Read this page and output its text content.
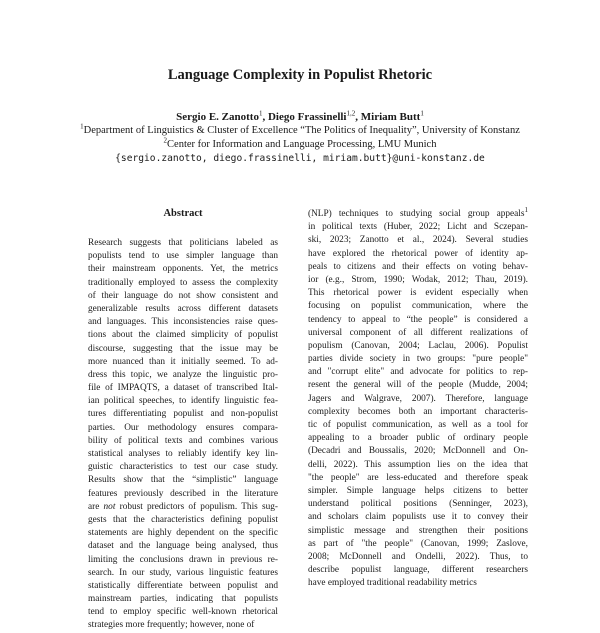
Language Complexity in Populist Rhetoric
Sergio E. Zanotto$^1$, Diego Frassinelli$^{1,2}$, Miriam Butt$^1$
$^1$Department of Linguistics & Cluster of Excellence “The Politics of Inequality”, University of Konstanz
$^2$Center for Information and Language Processing, LMU Munich
{sergio.zanotto, diego.frassinelli, miriam.butt}@uni-konstanz.de
Abstract
Research suggests that politicians labeled as
populists tend to use simpler language than
their mainstream opponents. Yet, the metrics
traditionally employed to assess the complexity
of their language do not show consistent and
generalizable results across different datasets
and languages. This inconsistencies raise ques-
tions about the claimed simplicity of populist
discourse, suggesting that the issue may be
more nuanced than it initially seemed. To ad-
dress this topic, we analyze the linguistic pro-
file of IMPAQTS, a dataset of transcribed Ital-
ian political speeches, to identify linguistic fea-
tures differentiating populist and non-populist
parties. Our methodology ensures compara-
bility of political texts and combines various
statistical analyses to reliably identify key lin-
guistic characteristics to test our case study.
Results show that the “simplistic” language
features previously described in the literature
are not robust predictors of populism. This sug-
gests that the characteristics defining populist
statements are highly dependent on the specific
dataset and the language being analysed, thus
limiting the conclusions drawn in previous re-
search. In our study, various linguistic features
statistically differentiate between populist and
mainstream parties, indicating that populists
tend to employ specific well-known rhetorical
strategies more frequently; however, none of
(NLP) techniques to studying social group appeals$^1$
in political texts (Huber, 2022; Licht and Sczepan-
ski, 2023; Zanotto et al., 2024). Several studies
have explored the rhetorical power of identity ap-
peals to citizens and their effects on voting behav-
ior (e.g., Strom, 1990; Wodak, 2012; Thau, 2019).
This rhetorical power is evident especially when
focusing on populist communication, where the
tendency to appeal to “the people” is considered a
universal component of all different realizations of
populism (Canovan, 2004; Laclau, 2006). Populist
parties divide society in two groups: "pure people"
and "corrupt elite" and advocate for politics to rep-
resent the general will of the people (Mudde, 2004;
Jagers and Walgrave, 2007). Therefore, language
complexity becomes both an important characteris-
tic of populist communication, as well as a tool for
appealing to a broader public of ordinary people
(Decadri and Boussalis, 2020; McDonnell and On-
delli, 2022). This assumption lies on the idea that
"the people" are less-educated and therefore speak
simpler. Simple language helps citizens to better
understand political positions (Senninger, 2023),
and scholars claim populists use it to convey their
simplistic message and strengthen their positions
as part of "the people" (Canovan, 1999; Zaslove,
2008; McDonnell and Ondelli, 2022). Thus, to
describe populist language, different researchers
have employed traditional readability metrics
